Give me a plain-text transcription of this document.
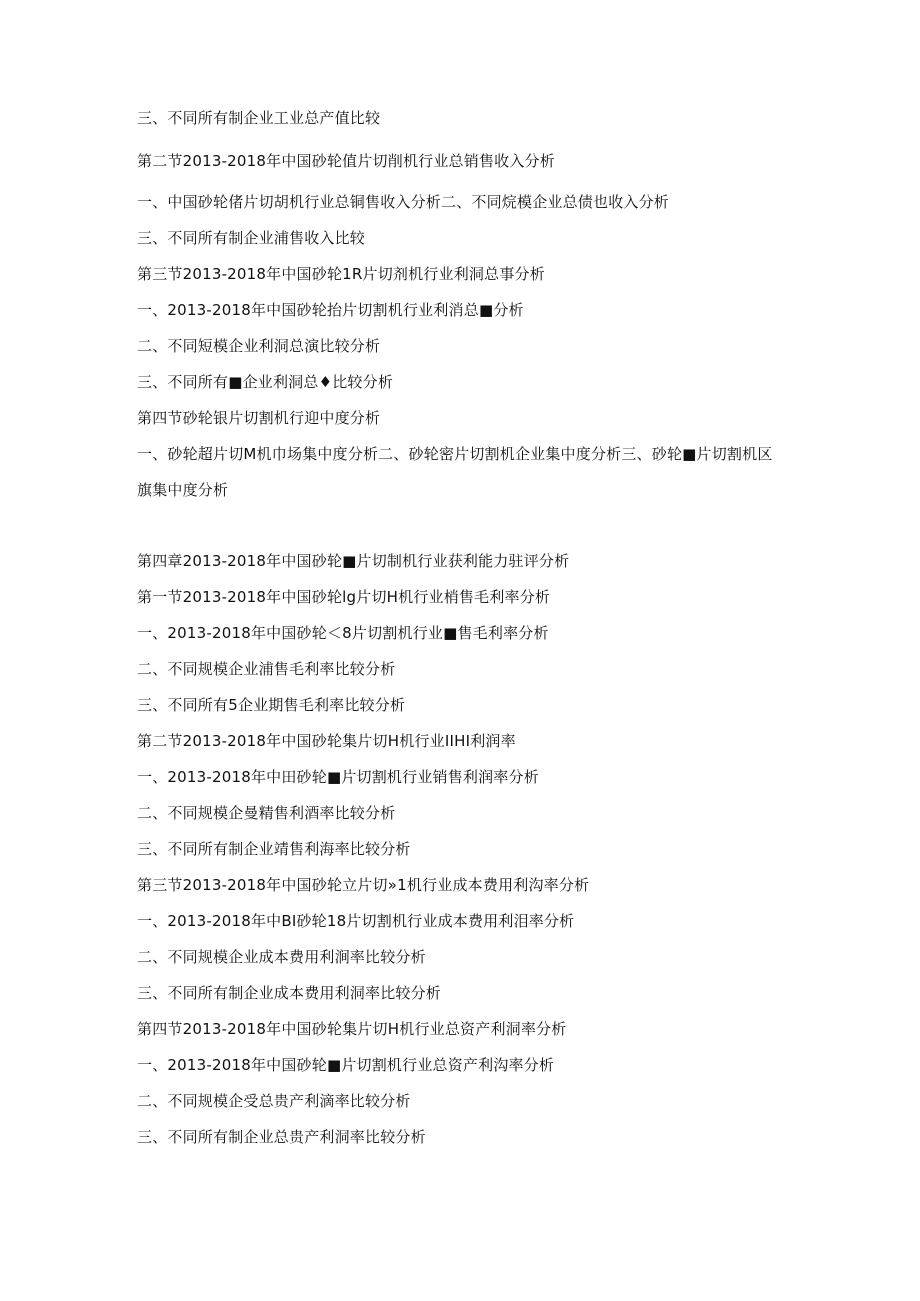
三、不同所有制企业工业总产值比较

第二节2013-2018年中国砂轮值片切削机行业总销售收入分析

一、中国砂轮偖片切胡机行业总铜售收入分析二、不同烷模企业总债也收入分析

三、不同所有制企业浦售收入比较

第三节2013-2018年中国砂轮1R片切剂机行业利洞总事分析

一、2013-2018年中国砂轮抬片切割机行业利消总■分析

二、不同短模企业利洞总演比较分析

三、不同所有■企业利洞总♦比较分析

第四节砂轮银片切割机行迎中度分析

一、砂轮超片切M机巾场集中度分析二、砂轮密片切割机企业集中度分析三、砂轮■片切割机区

旗集中度分析

第四章2013-2018年中国砂轮■片切制机行业获利能力驻评分析

第一节2013-2018年中国砂轮lg片切H机行业梢售毛利率分析

一、2013-2018年中国砂轮＜8片切割机行业■售毛利率分析

二、不同规模企业浦售毛利率比较分析

三、不同所有5企业期售毛利率比较分析

第二节2013-2018年中国砂轮集片切H机行业IIHI利润率

一、2013-2018年中田砂轮■片切割机行业销售利润率分析

二、不同规模企曼精售利酒率比较分析

三、不同所有制企业靖售利海率比较分析

第三节2013-2018年中国砂轮立片切»1机行业成本费用利沟率分析

一、2013-2018年中BI砂轮18片切割机行业成本费用利泪率分析

二、不同规模企业成本费用利涧率比较分析

三、不同所有制企业成本费用利洞率比较分析

第四节2013-2018年中国砂轮集片切H机行业总资产利洞率分析

一、2013-2018年中国砂轮■片切割机行业总资产利沟率分析

二、不同规模企受总贵产利滴率比较分析

三、不同所有制企业总贵产利洞率比较分析
